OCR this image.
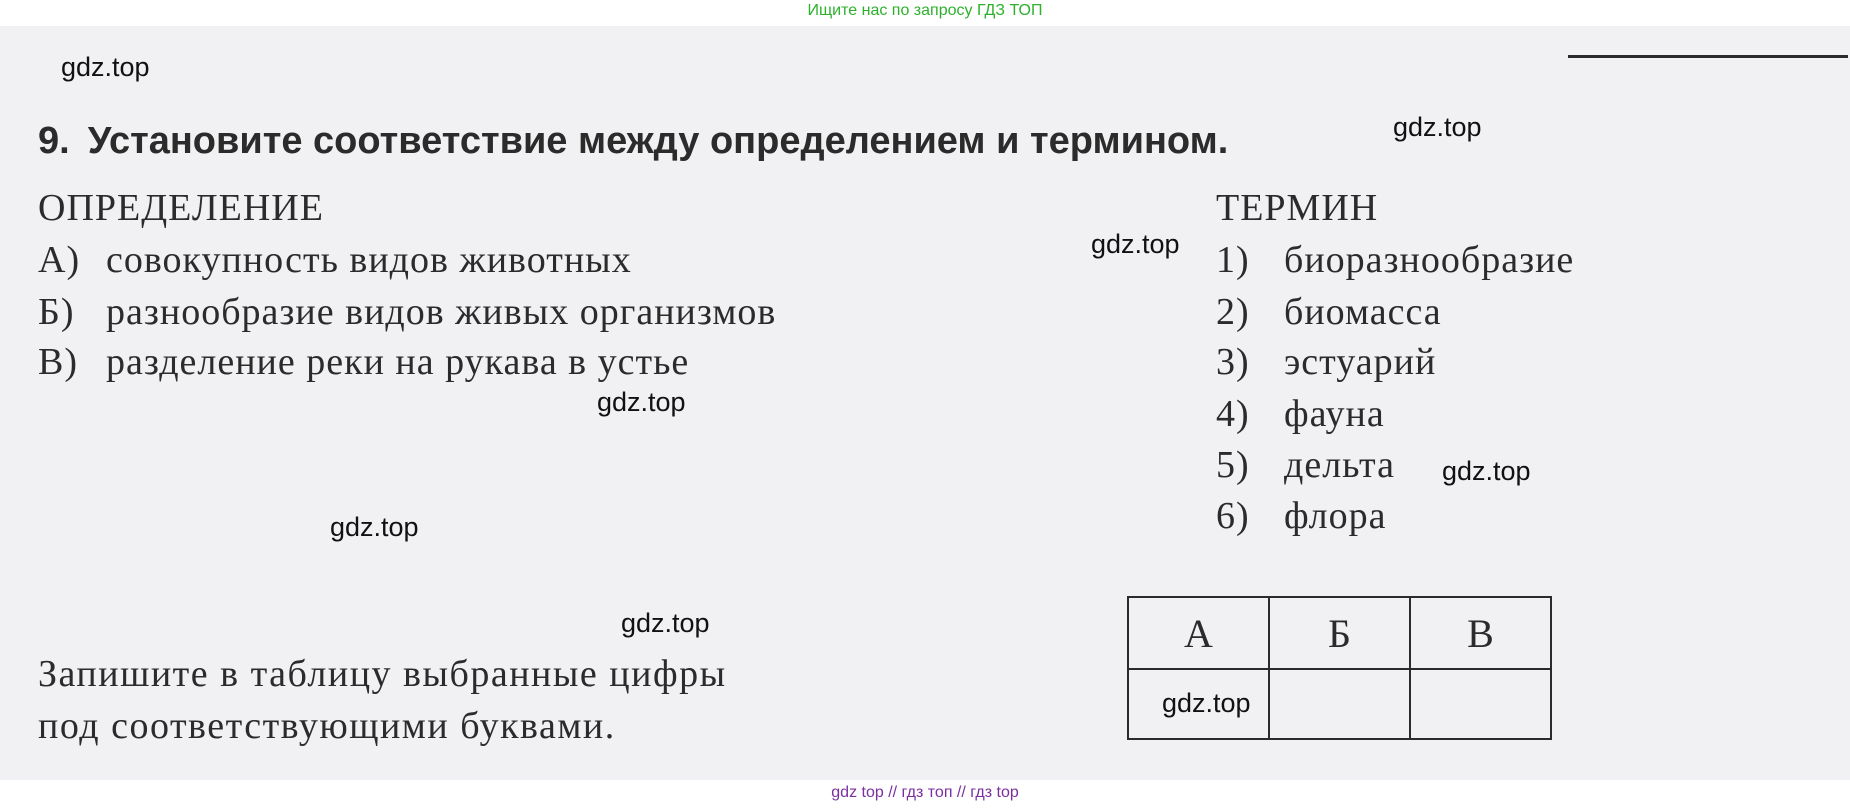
Ищите нас по запросу ГДЗ ТОП
gdz.top
gdz.top
gdz.top
gdz.top
gdz.top
gdz.top
gdz.top
gdz.top
9. Установите соответствие между определением и термином.
ОПРЕДЕЛЕНИЕ
А) совокупность видов животных
Б) разнообразие видов живых организмов
В) разделение реки на рукава в устье
ТЕРМИН
1) биоразнообразие
2) биомасса
3) эстуарий
4) фауна
5) дельта
6) флора
Запишите в таблицу выбранные цифры
под соответствующими буквами.
А	Б	В

gdz top // гдз топ // гдз top
